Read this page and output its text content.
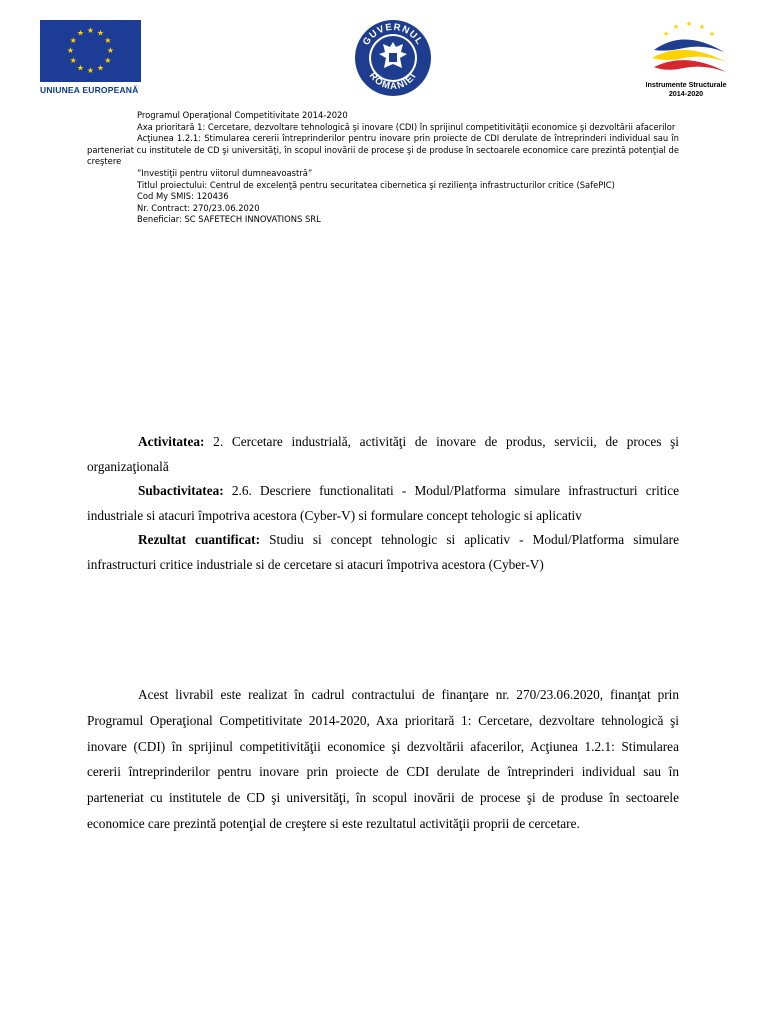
★ ★
★
★
★
★
★
★
★
★
★
★
UNIUNEA EUROPEANĂ
GUVERNUL
ROMÂNIEI
★ ★
★
★
★
Instrumente Structurale
2014-2020

Programul Operaţional Competitivitate 2014-2020

Axa prioritară 1: Cercetare, dezvoltare tehnologică şi inovare (CDI) în sprijinul competitivităţii economice şi dezvoltării afacerilor

Acţiunea 1.2.1: Stimularea cererii întreprinderilor pentru inovare prin proiecte de CDI derulate de întreprinderi individual sau în parteneriat cu institutele de CD şi universităţi, în scopul inovării de procese şi de produse în sectoarele economice care prezintă potenţial de creştere

”Investiţii pentru viitorul dumneavoastră”

Titlul proiectului: Centrul de excelenţă pentru securitatea cibernetica şi rezilienţa infrastructurilor critice (SafePIC)

Cod My SMIS: 120436

Nr. Contract: 270/23.06.2020

Beneficiar: SC SAFETECH INNOVATIONS SRL

Activitatea: 2. Cercetare industrială, activităţi de inovare de produs, servicii, de proces şi organizaţională

Subactivitatea: 2.6. Descriere functionalitati - Modul/Platforma simulare infrastructuri critice industriale si atacuri împotriva acestora (Cyber-V) si formulare concept tehologic si aplicativ

Rezultat cuantificat: Studiu si concept tehnologic si aplicativ - Modul/Platforma simulare infrastructuri critice industriale si de cercetare si atacuri împotriva acestora (Cyber-V)

Acest livrabil este realizat în cadrul contractului de finanţare nr. 270/23.06.2020, finanţat prin Programul Operaţional Competitivitate 2014-2020, Axa prioritară 1: Cercetare, dezvoltare tehnologică şi inovare (CDI) în sprijinul competitivităţii economice şi dezvoltării afacerilor, Acţiunea 1.2.1: Stimularea cererii întreprinderilor pentru inovare prin proiecte de CDI derulate de întreprinderi individual sau în parteneriat cu institutele de CD şi universităţi, în scopul inovării de procese şi de produse în sectoarele economice care prezintă potenţial de creştere si este rezultatul activităţii proprii de cercetare.
